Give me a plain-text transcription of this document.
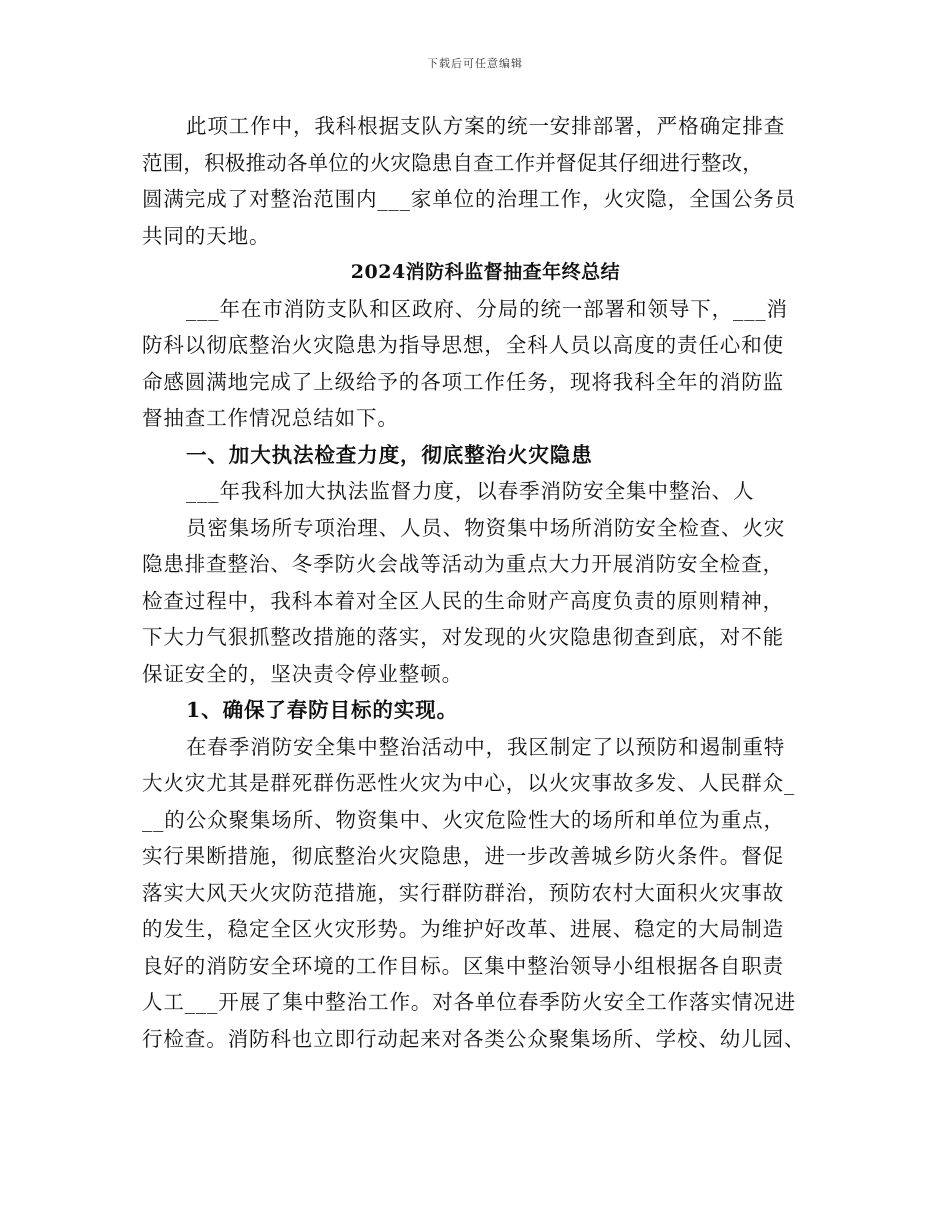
下载后可任意编辑
此项工作中，我科根据支队方案的统一安排部署，严格确定排查
范围，积极推动各单位的火灾隐患自查工作并督促其仔细进行整改，
圆满完成了对整治范围内___家单位的治理工作，火灾隐，全国公务员
共同的天地。
2024消防科监督抽查年终总结
___年在市消防支队和区政府、分局的统一部署和领导下，___消
防科以彻底整治火灾隐患为指导思想，全科人员以高度的责任心和使
命感圆满地完成了上级给予的各项工作任务，现将我科全年的消防监
督抽查工作情况总结如下。
一、加大执法检查力度，彻底整治火灾隐患
___年我科加大执法监督力度，以春季消防安全集中整治、人
员密集场所专项治理、人员、物资集中场所消防安全检查、火灾
隐患排查整治、冬季防火会战等活动为重点大力开展消防安全检查，
检查过程中，我科本着对全区人民的生命财产高度负责的原则精神，
下大力气狠抓整改措施的落实，对发现的火灾隐患彻查到底，对不能
保证安全的，坚决责令停业整顿。
1、确保了春防目标的实现。
在春季消防安全集中整治活动中，我区制定了以预防和遏制重特
大火灾尤其是群死群伤恶性火灾为中心，以火灾事故多发、人民群众_
__的公众聚集场所、物资集中、火灾危险性大的场所和单位为重点，
实行果断措施，彻底整治火灾隐患，进一步改善城乡防火条件。督促
落实大风天火灾防范措施，实行群防群治，预防农村大面积火灾事故
的发生，稳定全区火灾形势。为维护好改革、进展、稳定的大局制造
良好的消防安全环境的工作目标。区集中整治领导小组根据各自职责
人工___开展了集中整治工作。对各单位春季防火安全工作落实情况进
行检查。消防科也立即行动起来对各类公众聚集场所、学校、幼儿园、
